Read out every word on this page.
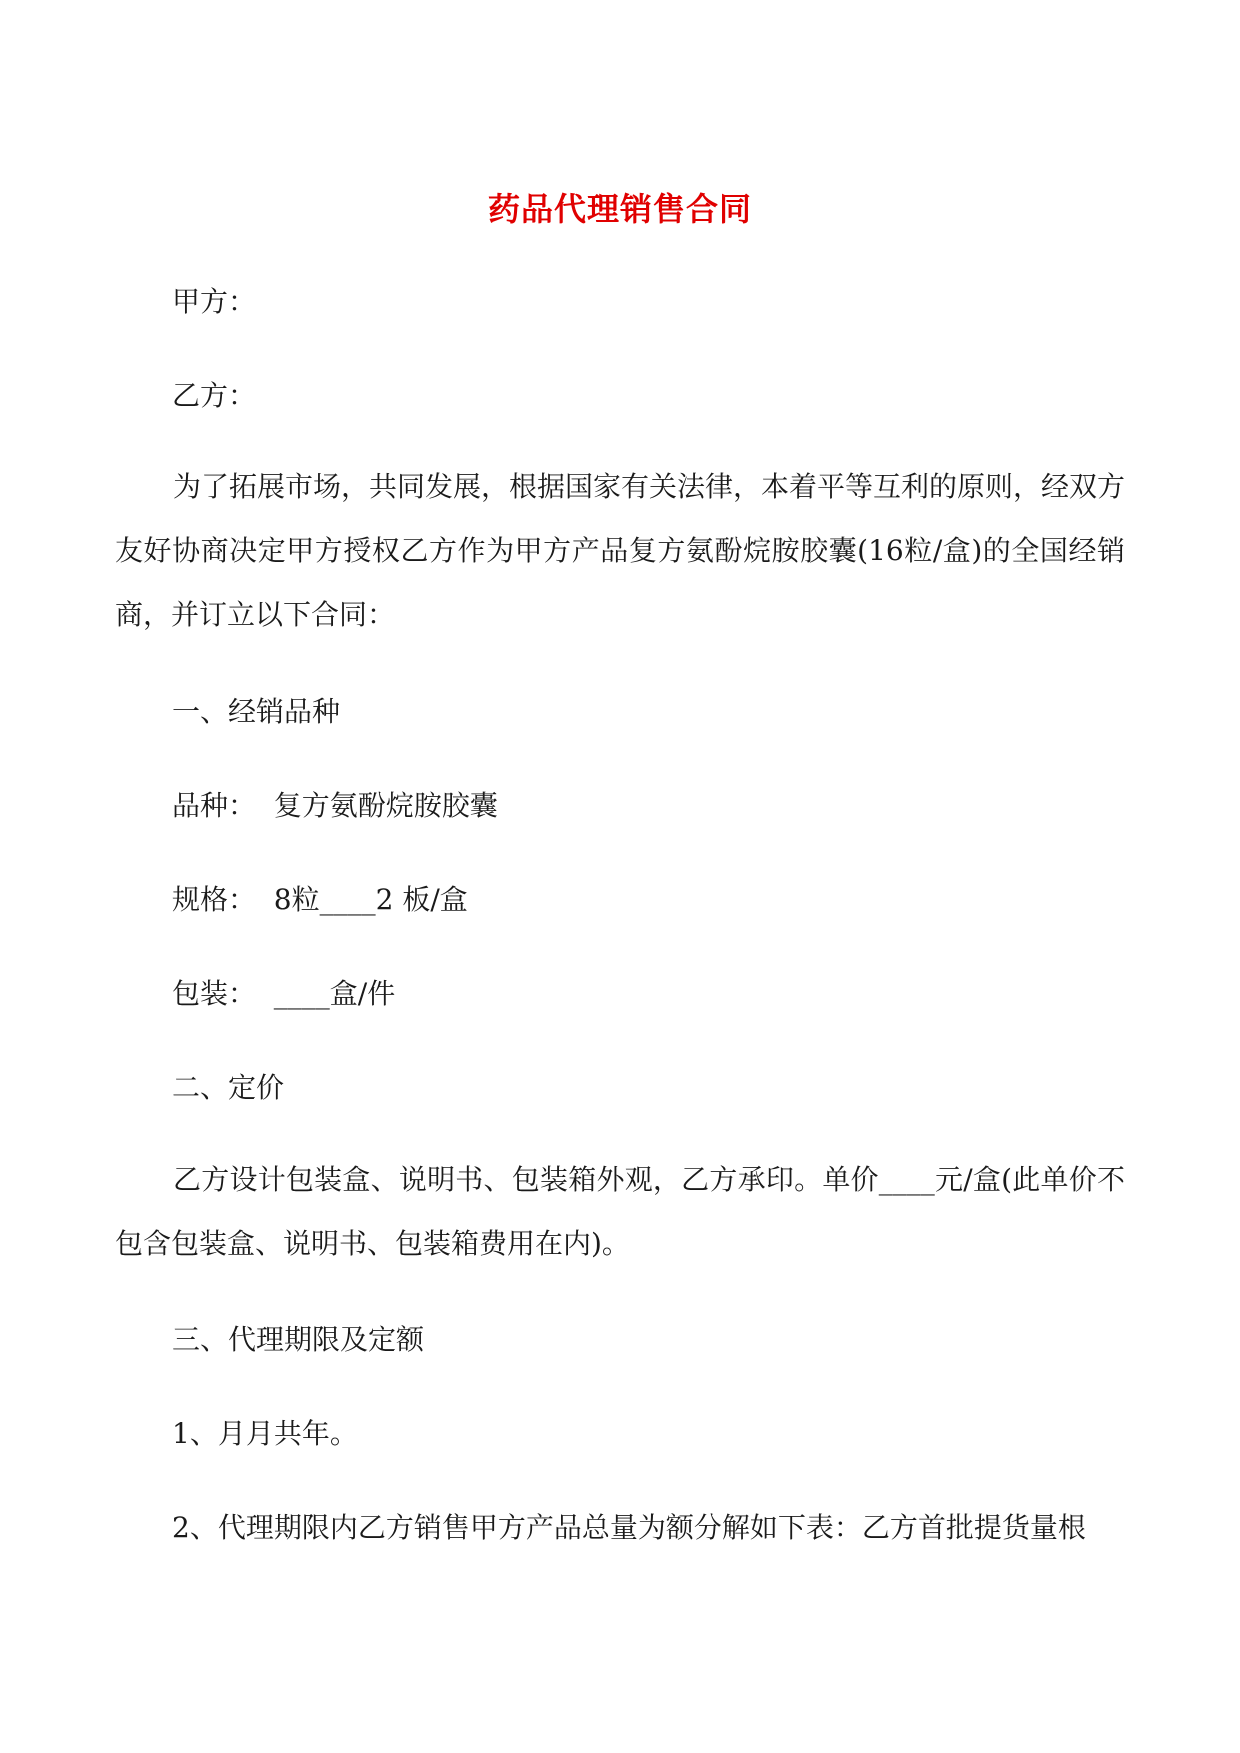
药品代理销售合同
甲方：
乙方：

为了拓展市场，共同发展，根据国家有关法律，本着平等互利的原则，经双方友好协商决定甲方授权乙方作为甲方产品复方氨酚烷胺胶囊(16粒/盒)的全国经销商，并订立以下合同：

一、经销品种
品种：  复方氨酚烷胺胶囊
规格：  8粒____2 板/盒
包装：  ____盒/件
二、定价

乙方设计包装盒、说明书、包装箱外观，乙方承印。单价____元/盒(此单价不包含包装盒、说明书、包装箱费用在内)。

三、代理期限及定额
1、月月共年。
2、代理期限内乙方销售甲方产品总量为额分解如下表：乙方首批提货量根
